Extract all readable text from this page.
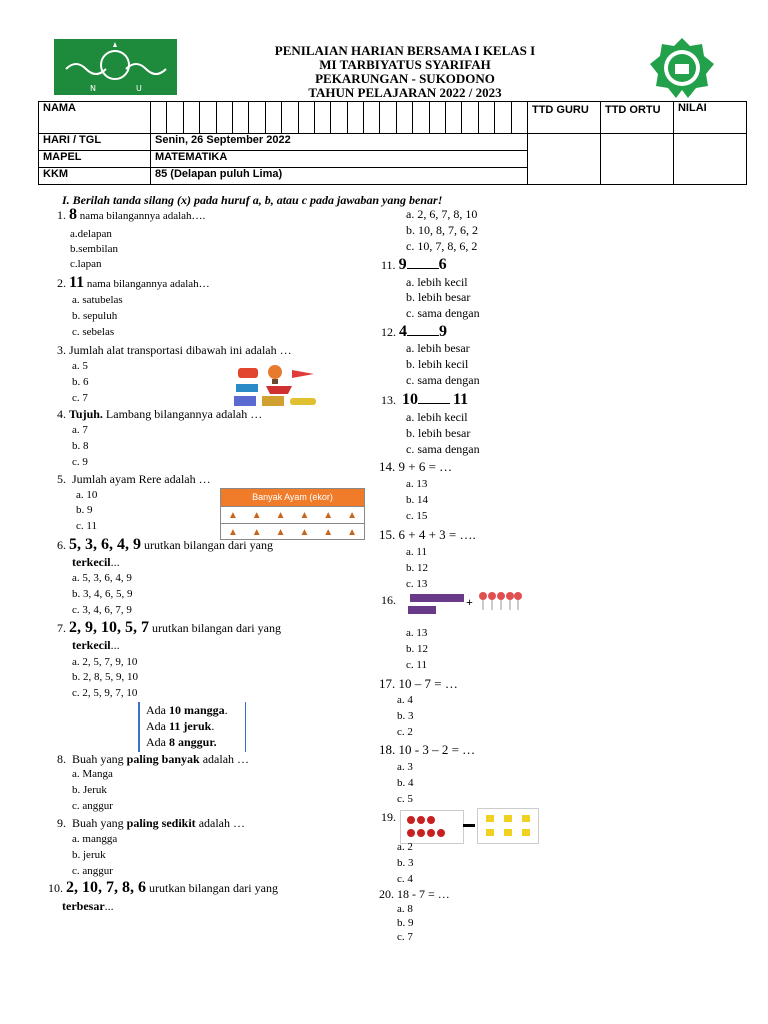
N	U
PENILAIAN HARIAN BERSAMA I KELAS I
MI TARBIYATUS SYARIFAH
PEKARUNGAN - SUKODONO
TAHUN PELAJARAN 2022 / 2023
NAMA		TTD GURU	TTD ORTU	NILAI
HARI / TGL	Senin, 26 September 2022			
MAPEL	MATEMATIKA			
KKM	85 (Delapan puluh Lima)			
I. Berilah tanda silang (x) pada huruf a, b, atau c pada jawaban yang benar!
1. 8 nama bilangannya adalah….
a.delapan
b.sembilan
c.lapan
2. 11 nama bilangannya adalah…
a. satubelas
b. sepuluh
c. sebelas
3. Jumlah alat transportasi dibawah ini adalah …
a. 5
b. 6
c. 7
4. Tujuh. Lambang bilangannya adalah …
a. 7
b. 8
c. 9
5. Jumlah ayam Rere adalah …
a. 10
b. 9
c. 11
Banyak Ayam (ekor)
▲ ▲ ▲ ▲ ▲ ▲
▲ ▲ ▲ ▲ ▲ ▲
6. 5, 3, 6, 4, 9 urutkan bilangan dari yang
terkecil...
a. 5, 3, 6, 4, 9
b. 3, 4, 6, 5, 9
c. 3, 4, 6, 7, 9
7. 2, 9, 10, 5, 7 urutkan bilangan dari yang
terkecil...
a. 2, 5, 7, 9, 10
b. 2, 8, 5, 9, 10
c. 2, 5, 9, 7, 10
Ada 10 mangga.
Ada 11 jeruk.
Ada 8 anggur.
8. Buah yang paling banyak adalah …
a. Manga
b. Jeruk
c. anggur
9. Buah yang paling sedikit adalah …
a. mangga
b. jeruk
c. anggur
10. 2, 10, 7, 8, 6 urutkan bilangan dari yang
terbesar...
a. 2, 6, 7, 8, 10
b. 10, 8, 7, 6, 2
c. 10, 7, 8, 6, 2
11. 9 6
a. lebih kecil
b. lebih besar
c. sama dengan
12. 4 9
a. lebih besar
b. lebih kecil
c. sama dengan
13. 10 11
a. lebih kecil
b. lebih besar
c. sama dengan
14. 9 + 6 = …
a. 13
b. 14
c. 15
15. 6 + 4 + 3 = ….
a. 11
b. 12
c. 13
16.	+
a. 13
b. 12
c. 11
17. 10 – 7 = …
a. 4
b. 3
c. 2
18. 10 - 3 – 2 = …
a. 3
b. 4
c. 5
19.
a. 2
b. 3
c. 4
20. 18 - 7 = …
a. 8
b. 9
c. 7
